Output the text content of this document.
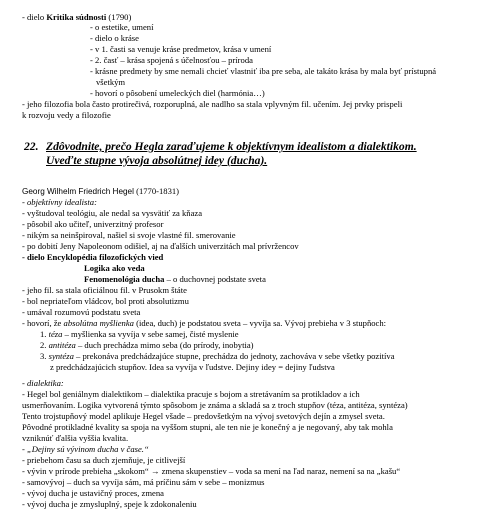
- dielo Kritika súdnosti (1790)
- o estetike, umení
- dielo o kráse
- v 1. časti sa venuje kráse predmetov, krása v umení
- 2. časť – krása spojená s účelnosťou – príroda
- krásne predmety by sme nemali chcieť vlastniť iba pre seba, ale takáto krása by mala byť prístupná
všetkým
- hovorí o pôsobení umeleckých diel (harmónia…)
- jeho filozofia bola často protirečivá, rozporuplná, ale nadlho sa stala vplyvným fil. učením. Jej prvky prispeli
k rozvoju vedy a filozofie
22. Zdôvodnite, prečo Hegla zaraďujeme k objektívnym idealistom a dialektikom.
Uveďte stupne vývoja absolútnej idey (ducha).
Georg Wilhelm Friedrich Hegel (1770-1831)
- objektívny idealista:
- vyštudoval teológiu, ale nedal sa vysvätiť za kňaza
- pôsobil ako učiteľ, univerzitný profesor
- nikým sa neinšpiroval, našiel si svoje vlastné fil. smerovanie
- po dobití Jeny Napoleonom odišiel, aj na ďalších univerzitách mal prívržencov
- dielo Encyklopédia filozofických vied
Logika ako veda
Fenomenológia ducha – o duchovnej podstate sveta
- jeho fil. sa stala oficiálnou fil. v Prusokm štáte
- bol nepriateľom vládcov, bol proti absolutizmu
- umával rozumovú podstatu sveta
- hovorí, že absolútna myšlienka (idea, duch) je podstatou sveta – vyvíja sa. Vývoj prebieha v 3 stupňoch:
1. téza – myšlienka sa vyvíja v sebe samej, čisté myslenie
2. antitéza – duch prechádza mimo seba (do prírody, inobytia)
3. syntéza – prekonáva predchádzajúce stupne, prechádza do jednoty, zachováva v sebe všetky pozitíva
z predchádzajúcich stupňov. Idea sa vyvíja v ľudstve. Dejiny idey = dejiny ľudstva
- dialektika:
- Hegel bol geniálnym dialektikom – dialektika pracuje s bojom a stretávaním sa protikladov a ich
usmerňovaním. Logika vytvorená týmto spôsobom je známa a skladá sa z troch stupňov (téza, antitéza, syntéza)
Tento trojstupňový model aplikuje Hegel všade – predovšetkým na vývoj svetových dejín a zmysel sveta.
Pôvodné protikladné kvality sa spoja na vyššom stupni, ale ten nie je konečný a je negovaný, aby tak mohla
vzniknúť ďalšia vyššia kvalita.
- „Dejiny sú vývinom ducha v čase.“
- priebehom času sa duch zjemňuje, je citlivejší
- vývin v prírode prebieha „skokom“ → zmena skupenstiev – voda sa mení na ľad naraz, nemení sa na „kašu“
- samovývoj – duch sa vyvíja sám, má príčinu sám v sebe – monizmus
- vývoj ducha je ustavičný proces, zmena
- vývoj ducha je zmysluplný, spejе k zdokonaleniu
